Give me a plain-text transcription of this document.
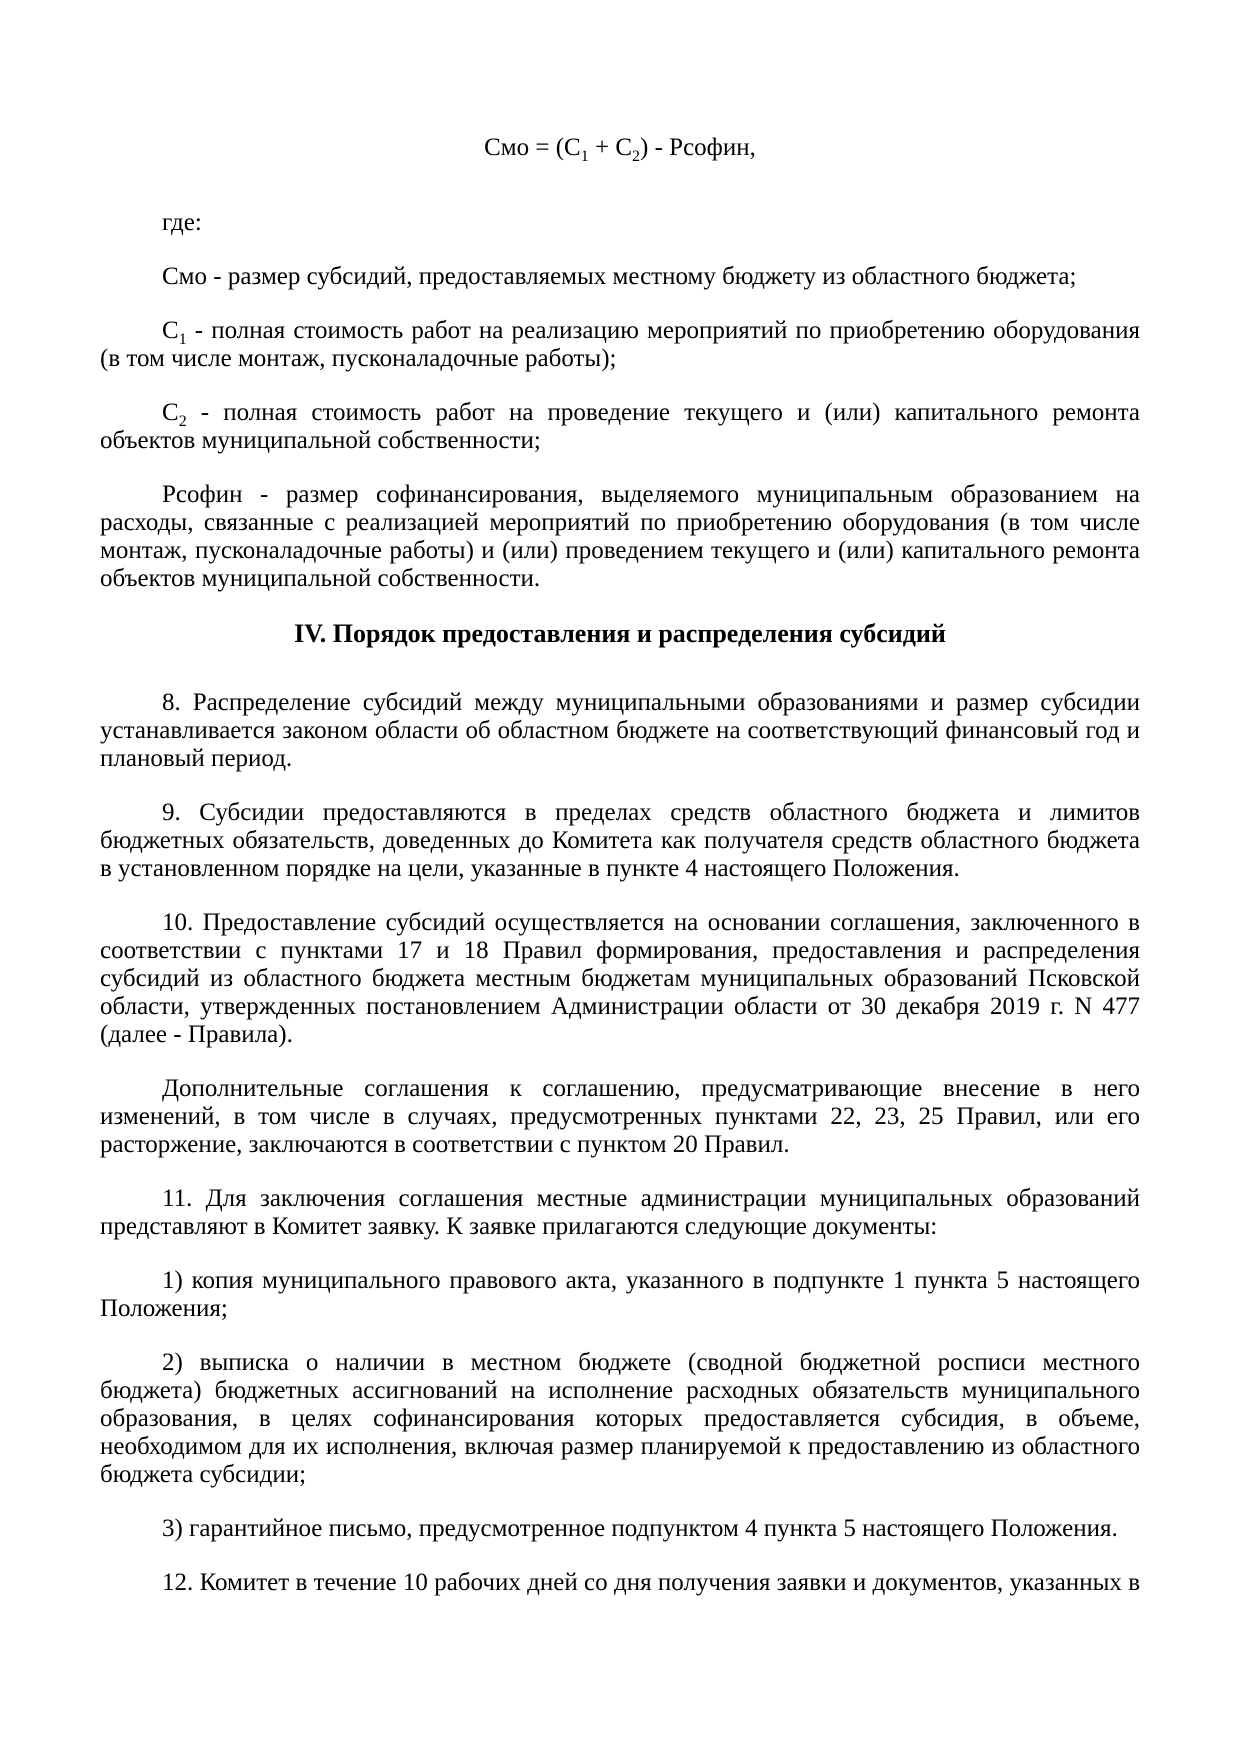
Смо = $(С_1 + С_2)$ - Рсофин,

где:

Смо - размер субсидий, предоставляемых местному бюджету из областного бюджета;

$С_1$ - полная стоимость работ на реализацию мероприятий по приобретению оборудования (в том числе монтаж, пусконаладочные работы);

$С_2$ - полная стоимость работ на проведение текущего и (или) капитального ремонта объектов муниципальной собственности;

Рсофин - размер софинансирования, выделяемого муниципальным образованием на расходы, связанные с реализацией мероприятий по приобретению оборудования (в том числе монтаж, пусконаладочные работы) и (или) проведением текущего и (или) капитального ремонта объектов муниципальной собственности.

IV. Порядок предоставления и распределения субсидий

8. Распределение субсидий между муниципальными образованиями и размер субсидии устанавливается законом области об областном бюджете на соответствующий финансовый год и плановый период.

9. Субсидии предоставляются в пределах средств областного бюджета и лимитов бюджетных обязательств, доведенных до Комитета как получателя средств областного бюджета в установленном порядке на цели, указанные в пункте 4 настоящего Положения.

10. Предоставление субсидий осуществляется на основании соглашения, заключенного в соответствии с пунктами 17 и 18 Правил формирования, предоставления и распределения субсидий из областного бюджета местным бюджетам муниципальных образований Псковской области, утвержденных постановлением Администрации области от 30 декабря 2019 г. N 477 (далее - Правила).

Дополнительные соглашения к соглашению, предусматривающие внесение в него изменений, в том числе в случаях, предусмотренных пунктами 22, 23, 25 Правил, или его расторжение, заключаются в соответствии с пунктом 20 Правил.

11. Для заключения соглашения местные администрации муниципальных образований представляют в Комитет заявку. К заявке прилагаются следующие документы:

1) копия муниципального правового акта, указанного в подпункте 1 пункта 5 настоящего Положения;

2) выписка о наличии в местном бюджете (сводной бюджетной росписи местного бюджета) бюджетных ассигнований на исполнение расходных обязательств муниципального образования, в целях софинансирования которых предоставляется субсидия, в объеме, необходимом для их исполнения, включая размер планируемой к предоставлению из областного бюджета субсидии;

3) гарантийное письмо, предусмотренное подпунктом 4 пункта 5 настоящего Положения.

12. Комитет в течение 10 рабочих дней со дня получения заявки и документов, указанных в
